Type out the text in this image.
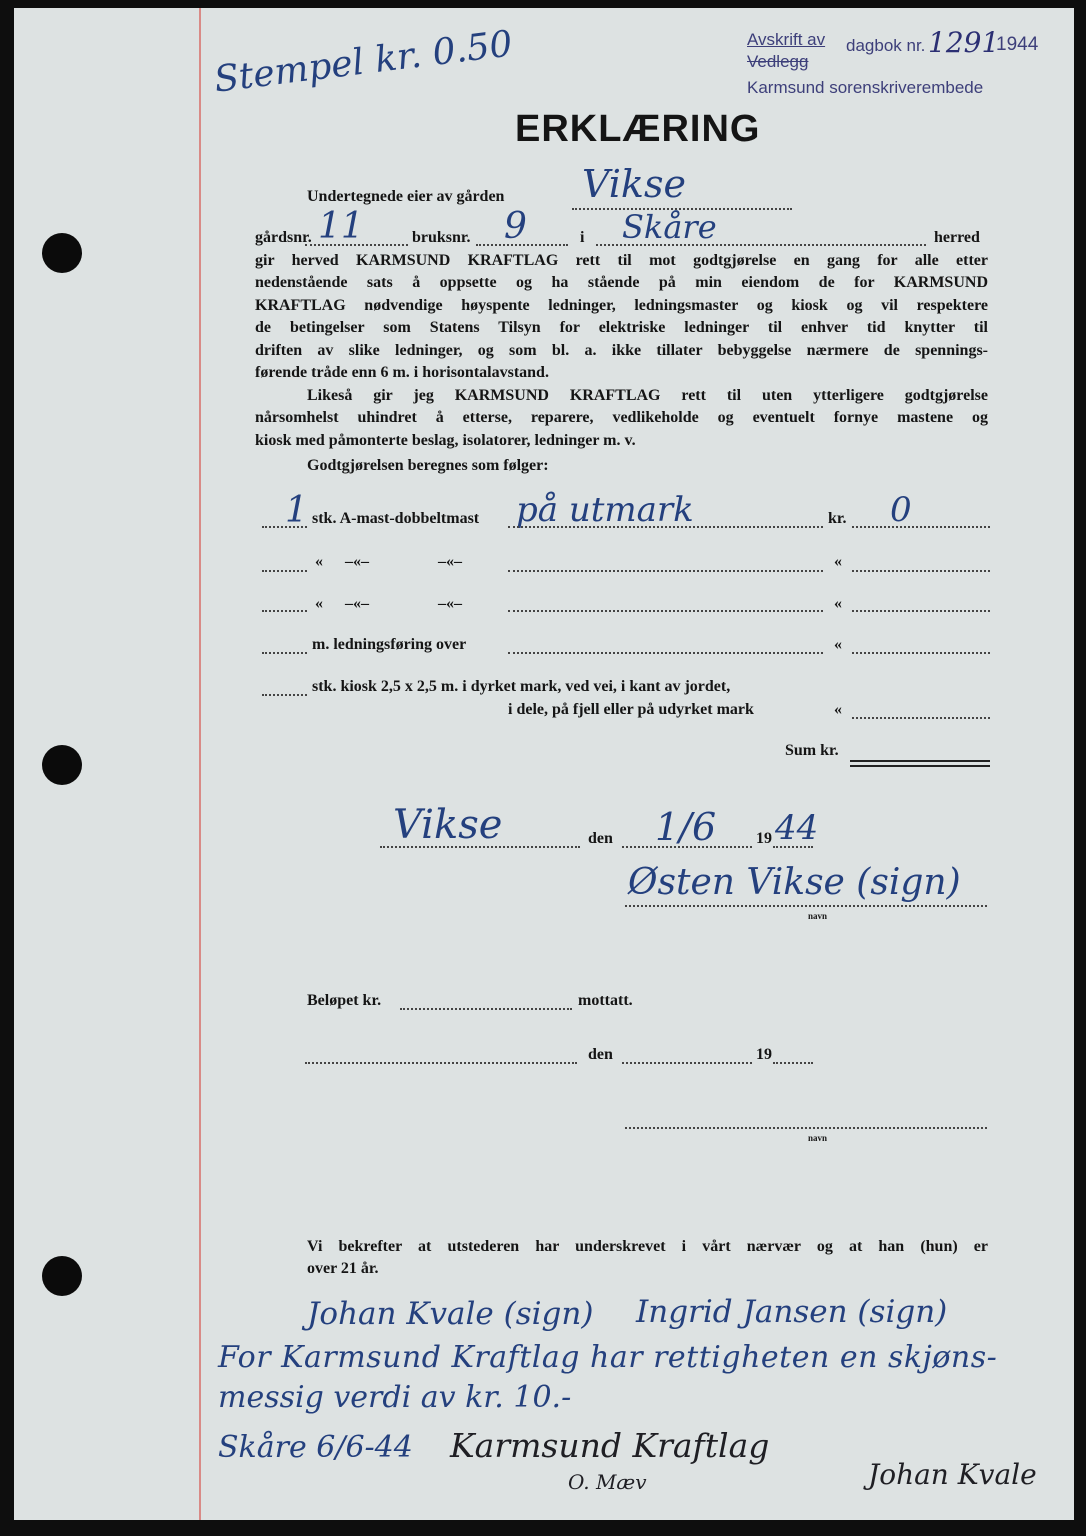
Avskrift av
Vedlegg
dagbok nr. 1291
1944
Karmsund sorenskriverembede
Stempel kr. 0.50
ERKLÆRING
Undertegnede eier av gården Vikse
gårdsnr. 11	bruksnr. 9	i Skåre	herred
gir herved KARMSUND KRAFTLAG rett til mot godtgjørelse en gang for alle etter
nedenstående sats å oppsette og ha stående på min eiendom de for KARMSUND
KRAFTLAG nødvendige høyspente ledninger, ledningsmaster og kiosk og vil respektere
de betingelser som Statens Tilsyn for elektriske ledninger til enhver tid knytter til
driften av slike ledninger, og som bl. a. ikke tillater bebyggelse nærmere de spennings-
førende tråde enn 6 m. i horisontalavstand.
Likeså gir jeg KARMSUND KRAFTLAG rett til uten ytterligere godtgjørelse
nårsomhelst uhindret å etterse, reparere, vedlikeholde og eventuelt fornye mastene og
kiosk med påmonterte beslag, isolatorer, ledninger m. v.
Godtgjørelsen beregnes som følger:
1 stk. A-mast-dobbeltmast på utmark	kr. 0
« –«–	–«–	«
« –«–	–«–	«
m. ledningsføring over	«
stk. kiosk 2,5 x 2,5 m. i dyrket mark, ved vei, i kant av jordet,
i dele, på fjell eller på udyrket mark	«
Sum kr.
Vikse	den 1/6 19 44
Østen Vikse (sign)
navn
Beløpet kr.	mottatt.
den	19
navn
Vi bekrefter at utstederen har underskrevet i vårt nærvær og at han (hun) er
over 21 år.
Johan Kvale (sign) Ingrid Jansen (sign)
For Karmsund Kraftlag har rettigheten en skjøns-
messig verdi av kr. 10.-
Skåre 6/6-44 Karmsund Kraftlag
O. Mæv	Johan Kvale
